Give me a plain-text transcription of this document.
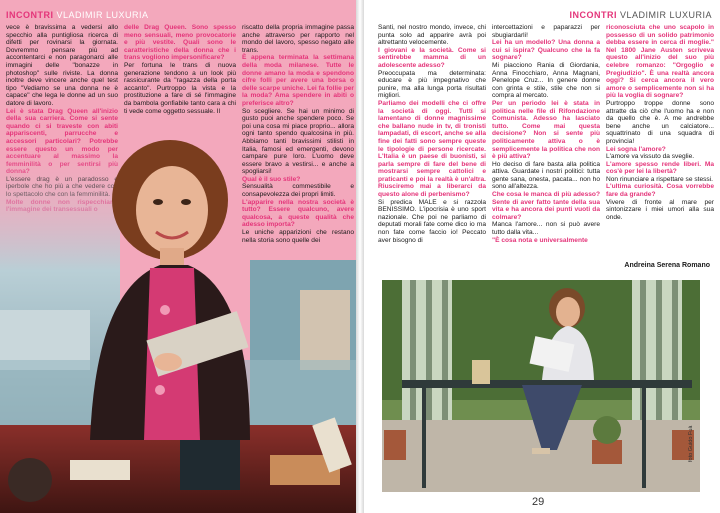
INCONTRI VLADIMIR LUXURIA

vece è bravissima a vedersi allo specchio alla puntigliosa ricerca di difetti per rovinarsi la giornata. Dovremmo pensare più ad accontentarci e non paragonarci alle immagini delle "bonazze in photoshop" sulle riviste. La donna inoltre deve vincere anche quel test tipo "Vediamo se una donna ne è capace" che lega le donne ad un suo datore di lavoro.

Lei è stata Drag Queen all'inizio della sua carriera. Come si sente quando ci si traveste con abiti appariscenti, parrucche e

delle Drag Queen. Sono spesso meno sensuali, meno provocatorie e più vestite. Quali sono le caratteristiche della donna che i trans vogliono impersonificare?

Per fortuna le trans di nuova generazione tendono a un look più rassicurante da "ragazza della porta accanto". Purtroppo la vista e la prostituzione a fare di sé l'immagine da bambola gonfiabile tanto cara a chi ti vede come oggetto sessuale. Il

riscatto della propria immagine passa anche attraverso per rapporto nel mondo del lavoro, spesso negato alle trans.

È appena terminata la settimana della moda milanese. Tutte le donne amano la moda e spendono cifre folli per avere una borsa o delle scarpe uniche. Lei fa follie per la moda? Ama spendere in abiti o preferisce altro?

So scegliere. Se hai un minimo di gusto puoi anche spendere poco. Se poi una cosa mi piace proprio... allora ogni tanto spendo qualcosina in più. Abbiamo tanti bravissimi stilisti in Italia, famosi ed emergenti, devono campare pure loro. L'uomo deve essere bravo a vestirsi... e anche a spogliarsi!

Qual è il suo stile?

Sensualità commestibile e consapevolezza dei propri limiti.

L'apparire nella nostra società è tutto? Essere qualcuno, avere qualcosa, a queste qualità che adesso importa?

Le uniche apparizioni che restano nella storia sono quelle dei

INCONTRI VLADIMIR LUXURIA

Santi, nel nostro mondo, invece, chi punta solo ad apparire avrà poi altrettanto velocemente.

I giovani e la società. Come si sentirebbe mamma di un adolescente adesso?

Preoccupata ma determinata: educare è più impegnativo che punire, ma alla lunga porta risultati migliori.

Parliamo dei modelli che ci offre la società di oggi. Tutti si lamentano di donne magnissime che ballano nude in tv, di tronisti lampadati, di escort, anche se alla fine dei fatti sono sempre queste le tipologie di persone ricercate. L'Italia è un paese di buonisti, si parla sempre di fare del bene di mostrarsi sempre cattolici e praticanti e poi la realtà è un'altra. Riusciremo mai a liberarci da questo alone di perbenismo?

Si predica MALE e si razzola BENISSIMO. L'ipocrisia è uno sport nazionale. Che poi ne parliamo di deputati morali fate come dico io ma non fate come faccio io! Peccato aver bisogno di

intercettazioni e paparazzi per sbugiardarli!

Lei ha un modello? Una donna a cui si ispira? Qualcuno che la fa sognare?

Mi piacciono Rania di Giordania, Anna Finocchiaro, Anna Magnani, Penelope Cruz... In genere donne con grinta e stile, stile che non si compra al mercato.

Per un periodo lei è stata in politica nelle file di Rifondazione Comunista. Adesso ha lasciato tutto. Come mai questa decisione? Non si sente più politicamente attiva o è semplicemente la politica che non è più attiva?

Ho deciso di fare basta alla politica attiva. Guardate i nostri politici: tutta gente sana, onesta, pacata... non ho sono all'altezza.

Che cosa le manca di più adesso? Sente di aver fatto tante della sua vita e ha ancora dei punti vuoti da colmare?

Manca l'amore... non si può avere tutto dalla vita...

"È cosa nota e universalmente

riconosciuta che uno scapolo in possesso di un solido patrimonio debba essere in cerca di moglie." Nel 1800 Jane Austen scriveva questo all'inizio del suo più celebre romanzo: "Orgoglio e Pregiudizio". È una realtà ancora oggi? Si cerca ancora il vero amore o semplicemente non si ha più la voglia di sognare?

Purtroppo troppe donne sono attratte da ciò che l'uomo ha e non da quello che è. A me andrebbe bene anche un calciatore... squattrinato di una squadra di provincia!

Lei sogna l'amore?

L'amore va vissuto da sveglie.

L'amore spesso rende liberi. Ma cos'è per lei la libertà?

Non rinunciare a rispettare se stessi.

L'ultima curiosità. Cosa vorrebbe fare da grande?

Vivere di fronte al mare per sintonizzare i miei umori alla sua onde.

Andreina Serena Romano
foto Guido Fuà
29
